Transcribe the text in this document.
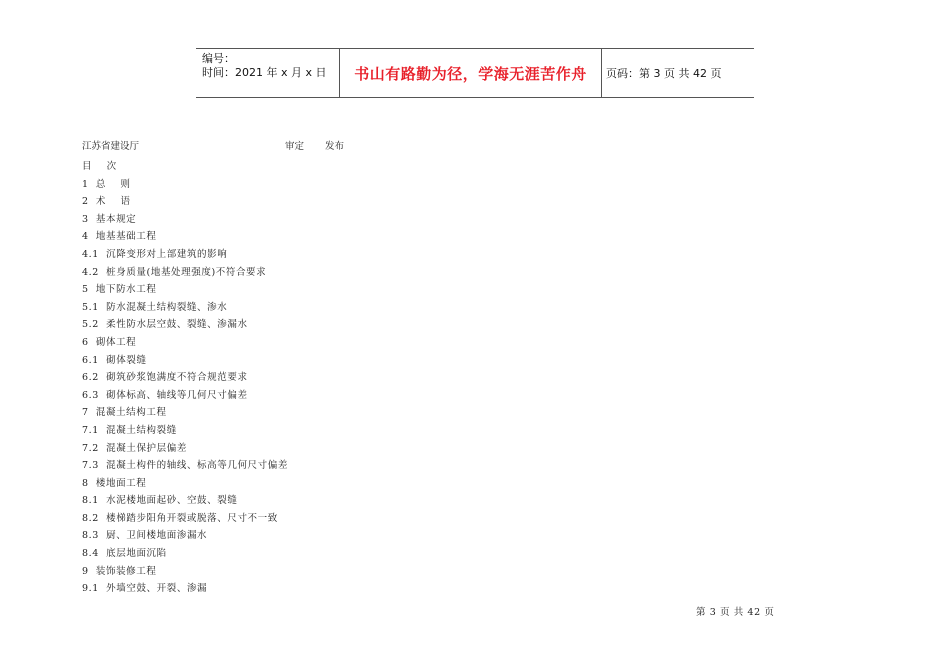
编号：
时间：2021 年 x 月 x 日	书山有路勤为径，学海无涯苦作舟	页码：第 3 页 共 42 页
江苏省建设厅	审定 发布
目    次
1  总    则
2  术    语
3  基本规定
4  地基基础工程
4.1  沉降变形对上部建筑的影响
4.2  桩身质量(地基处理强度)不符合要求
5  地下防水工程
5.1  防水混凝土结构裂缝、渗水
5.2  柔性防水层空鼓、裂缝、渗漏水
6  砌体工程
6.1  砌体裂缝
6.2  砌筑砂浆饱满度不符合规范要求
6.3  砌体标高、轴线等几何尺寸偏差
7  混凝土结构工程
7.1  混凝土结构裂缝
7.2  混凝土保护层偏差
7.3  混凝土构件的轴线、标高等几何尺寸偏差
8  楼地面工程
8.1  水泥楼地面起砂、空鼓、裂缝
8.2  楼梯踏步阳角开裂或脱落、尺寸不一致
8.3  厨、卫间楼地面渗漏水
8.4  底层地面沉陷
9  装饰装修工程
9.1  外墙空鼓、开裂、渗漏
第 3 页 共 42 页
